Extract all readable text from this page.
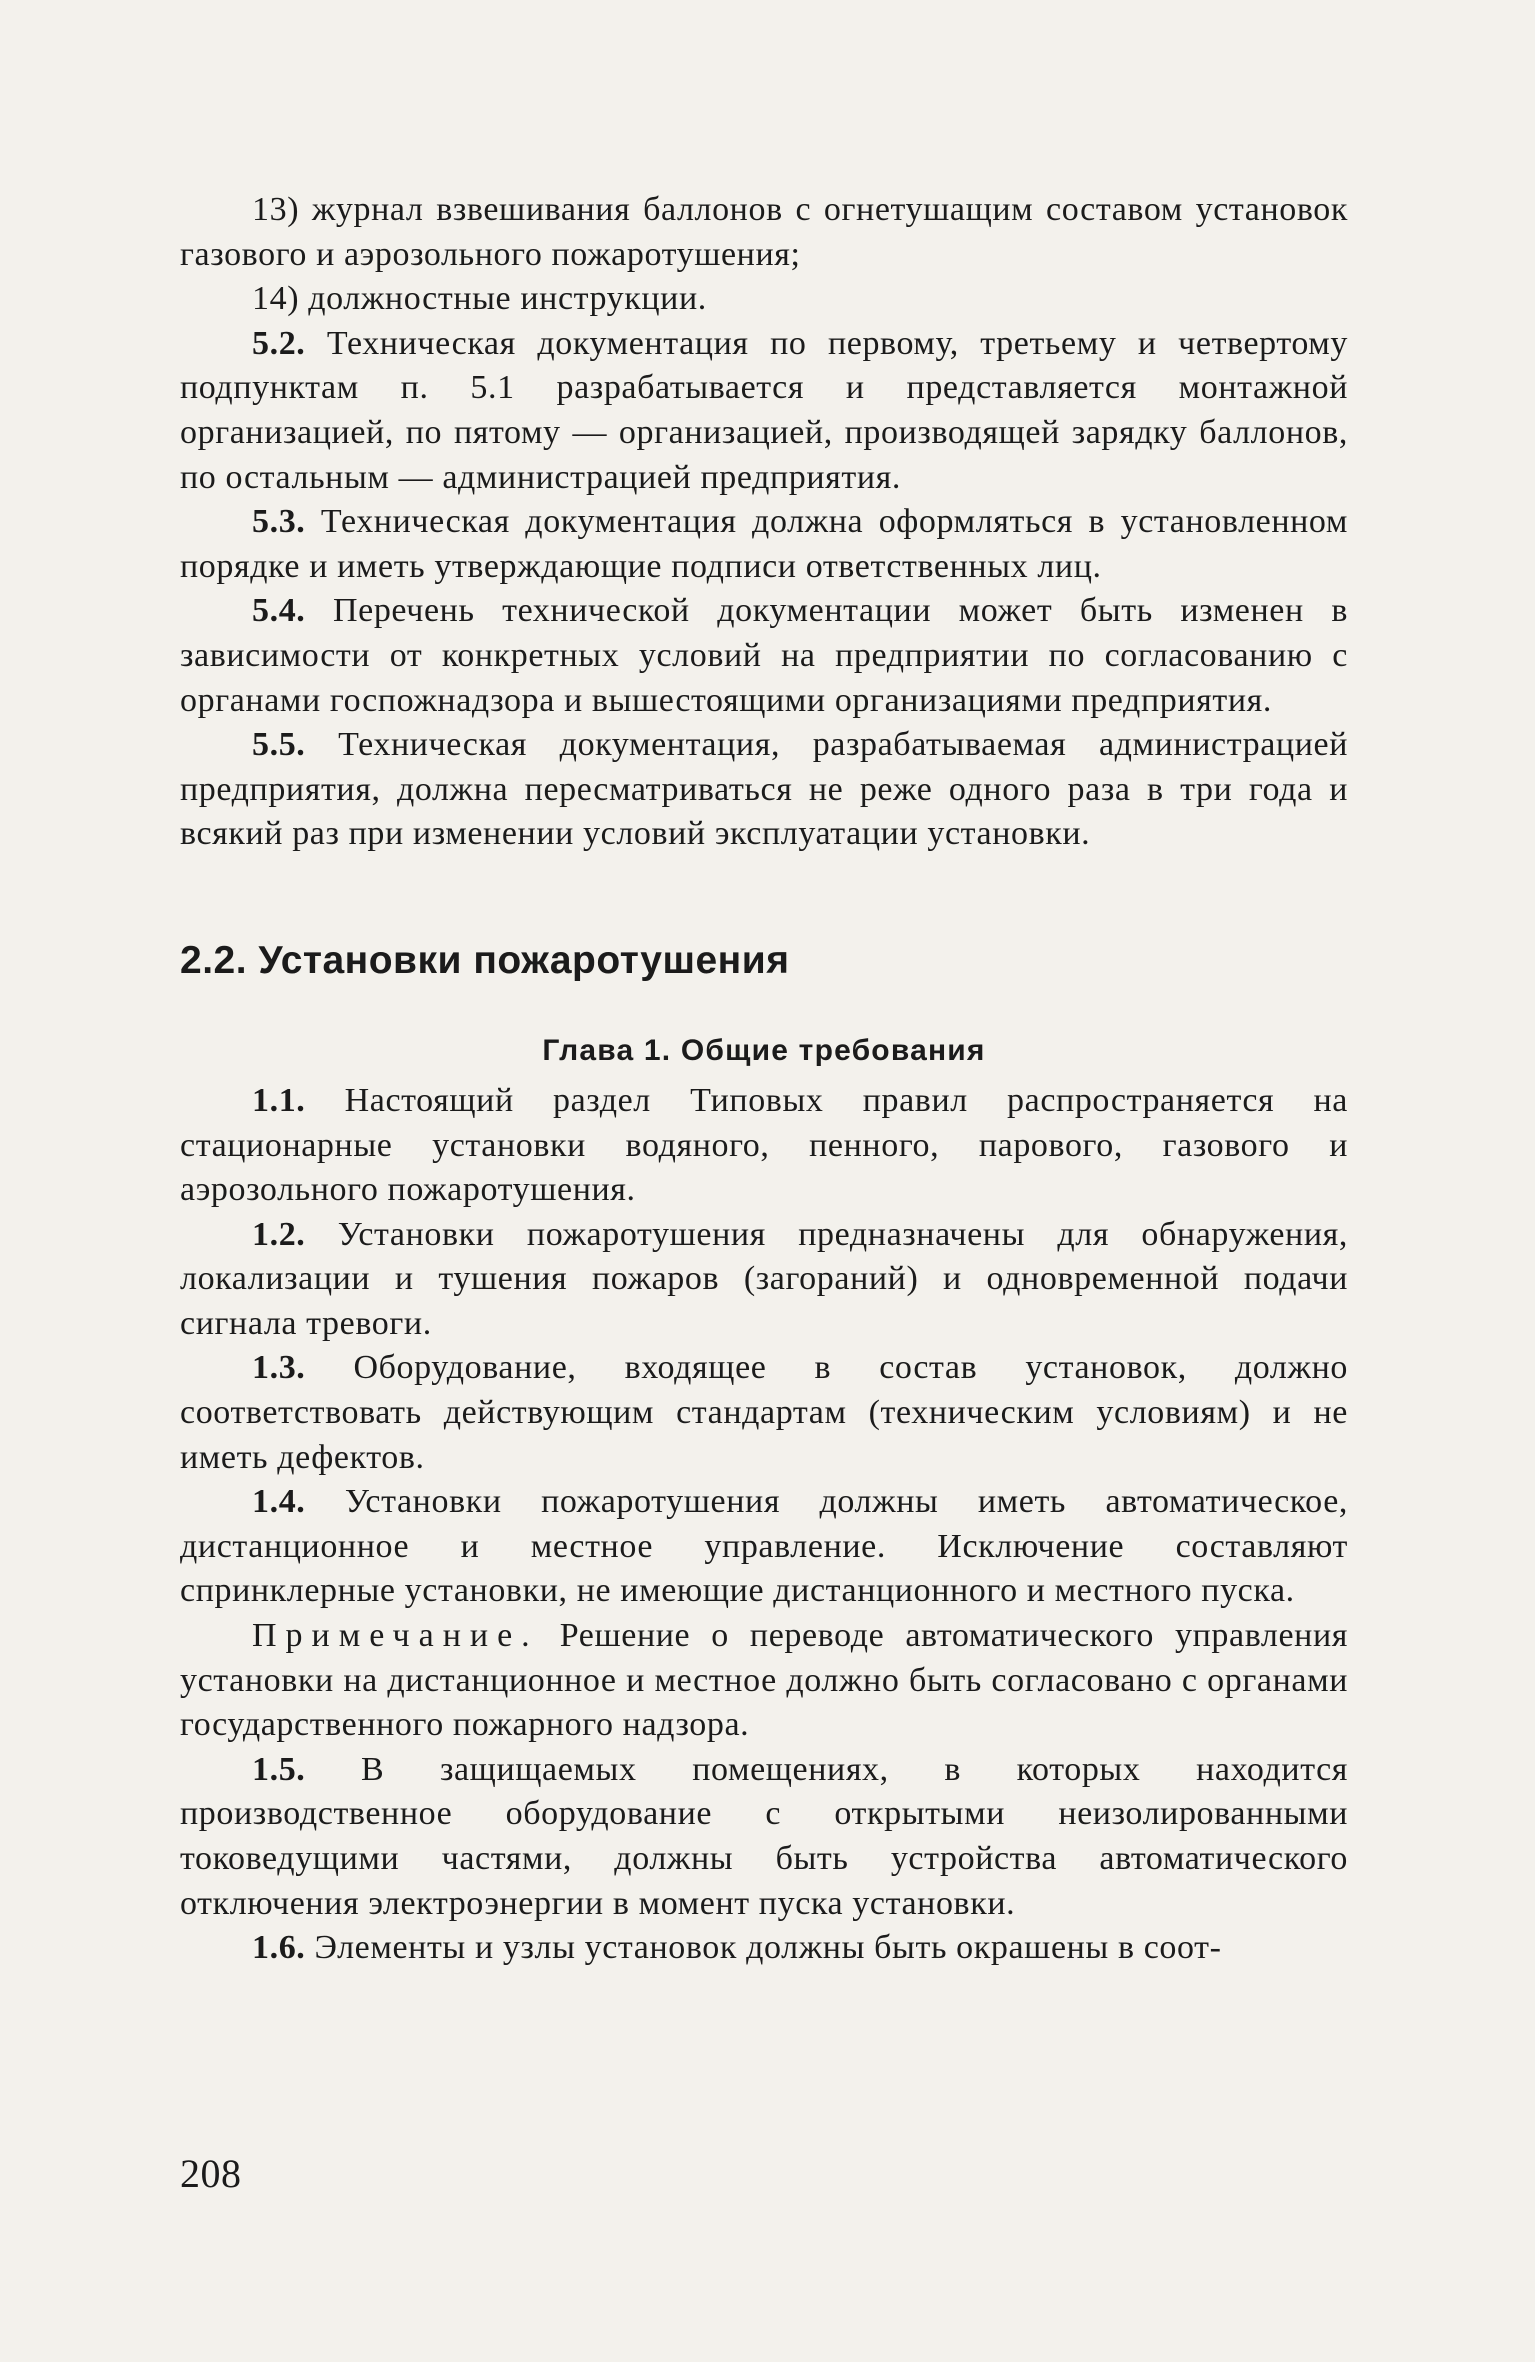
13) журнал взвешивания баллонов с огнетушащим составом установок газового и аэрозольного пожаротушения;

14) должностные инструкции.

5.2. Техническая документация по первому, третьему и четвертому подпунктам п. 5.1 разрабатывается и представляется монтажной организацией, по пятому — организацией, производящей зарядку баллонов, по остальным — администрацией предприятия.

5.3. Техническая документация должна оформляться в установленном порядке и иметь утверждающие подписи ответственных лиц.

5.4. Перечень технической документации может быть изменен в зависимости от конкретных условий на предприятии по согласованию с органами госпожнадзора и вышестоящими организациями предприятия.

5.5. Техническая документация, разрабатываемая администрацией предприятия, должна пересматриваться не реже одного раза в три года и всякий раз при изменении условий эксплуатации установки.

2.2. Установки пожаротушения
Глава 1. Общие требования

1.1. Настоящий раздел Типовых правил распространяется на стационарные установки водяного, пенного, парового, газового и аэрозольного пожаротушения.

1.2. Установки пожаротушения предназначены для обнаружения, локализации и тушения пожаров (загораний) и одновременной подачи сигнала тревоги.

1.3. Оборудование, входящее в состав установок, должно соответствовать действующим стандартам (техническим условиям) и не иметь дефектов.

1.4. Установки пожаротушения должны иметь автоматическое, дистанционное и местное управление. Исключение составляют спринклерные установки, не имеющие дистанционного и местного пуска.

Примечание. Решение о переводе автоматического управления установки на дистанционное и местное должно быть согласовано с органами государственного пожарного надзора.

1.5. В защищаемых помещениях, в которых находится производственное оборудование с открытыми неизолированными токоведущими частями, должны быть устройства автоматического отключения электроэнергии в момент пуска установки.

1.6. Элементы и узлы установок должны быть окрашены в соот-

208
